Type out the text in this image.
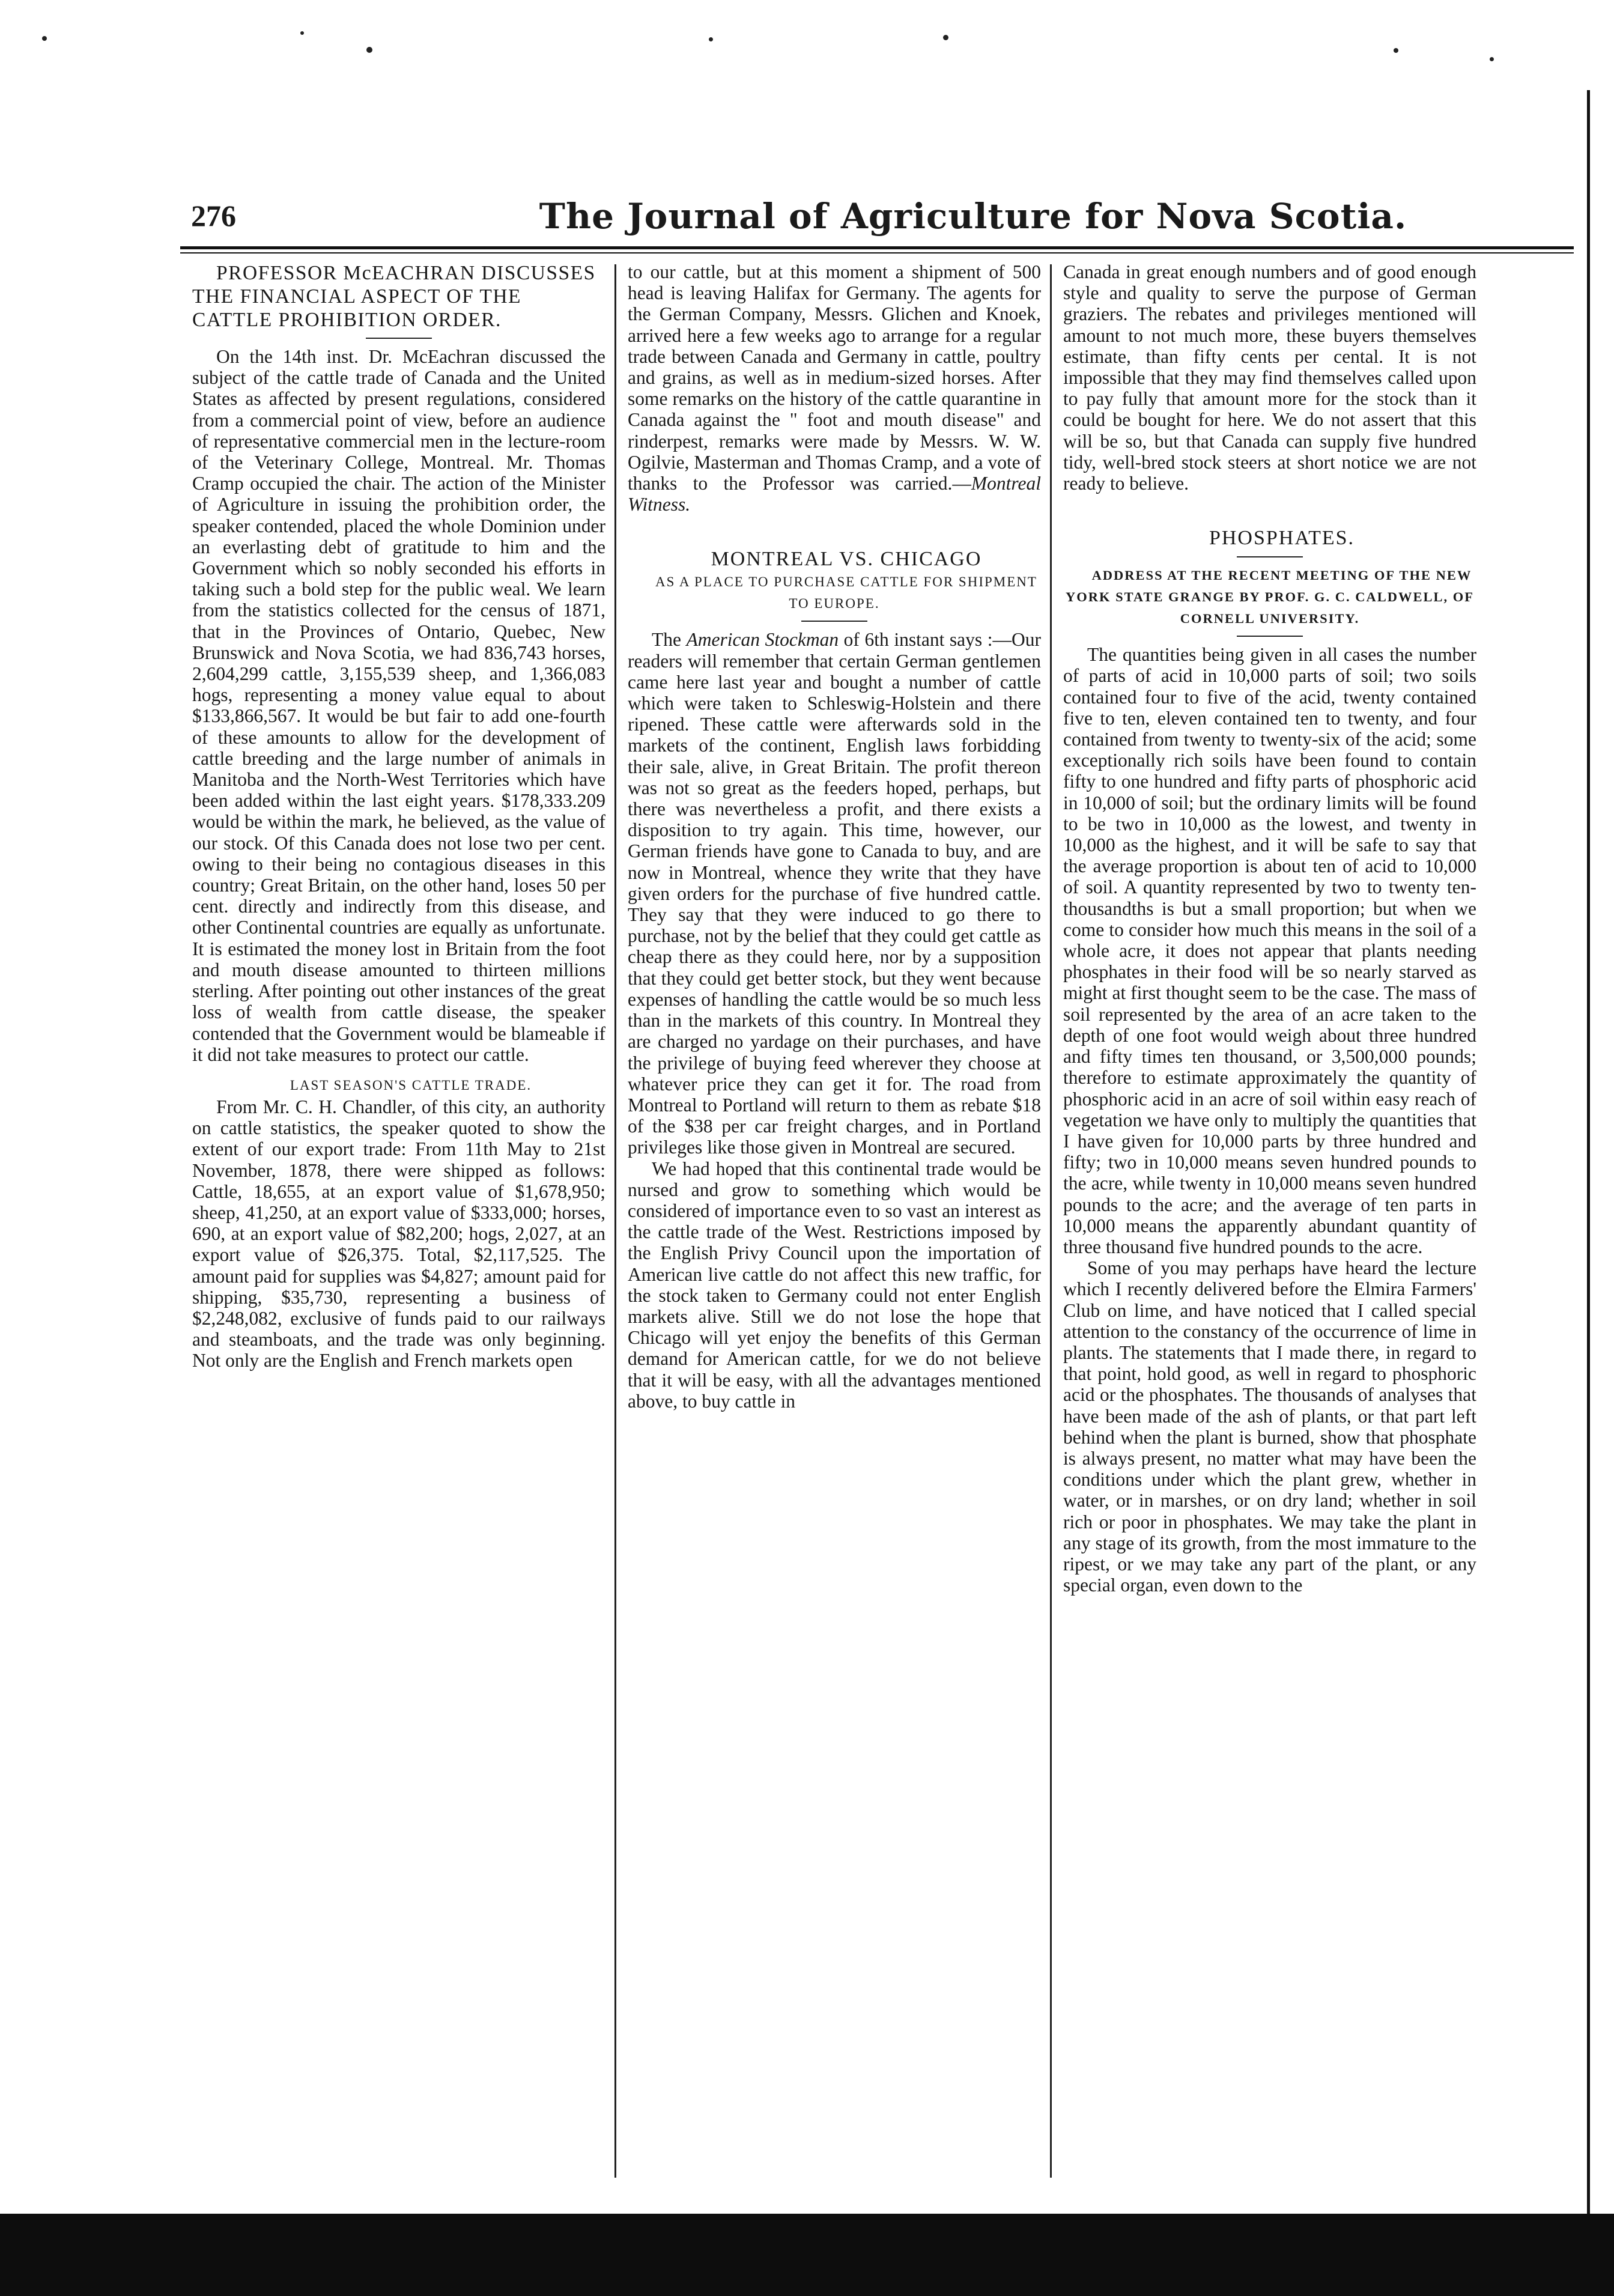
276	The Journal of Agriculture for Nova Scotia.

PROFESSOR McEACHRAN DISCUSSES THE FINANCIAL ASPECT OF THE CATTLE PROHIBITION ORDER.

On the 14th inst. Dr. McEachran discussed the subject of the cattle trade of Canada and the United States as affected by present regulations, considered from a commercial point of view, before an audience of representative commercial men in the lecture-room of the Veterinary College, Montreal. Mr. Thomas Cramp occupied the chair. The action of the Minister of Agriculture in issuing the prohibition order, the speaker contended, placed the whole Dominion under an everlasting debt of gratitude to him and the Government which so nobly seconded his efforts in taking such a bold step for the public weal. We learn from the statistics collected for the census of 1871, that in the Provinces of Ontario, Quebec, New Brunswick and Nova Scotia, we had 836,743 horses, 2,604,299 cattle, 3,155,539 sheep, and 1,366,083 hogs, representing a money value equal to about $133,866,567. It would be but fair to add one-fourth of these amounts to allow for the development of cattle breeding and the large number of animals in Manitoba and the North-West Territories which have been added within the last eight years. $178,333.209 would be within the mark, he believed, as the value of our stock. Of this Canada does not lose two per cent. owing to their being no contagious diseases in this country; Great Britain, on the other hand, loses 50 per cent. directly and indirectly from this disease, and other Continental countries are equally as unfortunate. It is estimated the money lost in Britain from the foot and mouth disease amounted to thirteen millions sterling. After pointing out other instances of the great loss of wealth from cattle disease, the speaker contended that the Government would be blameable if it did not take measures to protect our cattle.

LAST SEASON'S CATTLE TRADE.

From Mr. C. H. Chandler, of this city, an authority on cattle statistics, the speaker quoted to show the extent of our export trade: From 11th May to 21st November, 1878, there were shipped as follows: Cattle, 18,655, at an export value of $1,678,950; sheep, 41,250, at an export value of $333,000; horses, 690, at an export value of $82,200; hogs, 2,027, at an export value of $26,375. Total, $2,117,525. The amount paid for supplies was $4,827; amount paid for shipping, $35,730, representing a business of $2,248,082, exclusive of funds paid to our railways and steamboats, and the trade was only beginning. Not only are the English and French markets open

to our cattle, but at this moment a shipment of 500 head is leaving Halifax for Germany. The agents for the German Company, Messrs. Glichen and Knoek, arrived here a few weeks ago to arrange for a regular trade between Canada and Germany in cattle, poultry and grains, as well as in medium-sized horses. After some remarks on the history of the cattle quarantine in Canada against the " foot and mouth disease" and rinderpest, remarks were made by Messrs. W. W. Ogilvie, Masterman and Thomas Cramp, and a vote of thanks to the Professor was carried.—Montreal Witness.

MONTREAL VS. CHICAGO

AS A PLACE TO PURCHASE CATTLE FOR SHIPMENT TO EUROPE.

The American Stockman of 6th instant says :—Our readers will remember that certain German gentlemen came here last year and bought a number of cattle which were taken to Schleswig-Holstein and there ripened. These cattle were afterwards sold in the markets of the continent, English laws forbidding their sale, alive, in Great Britain. The profit thereon was not so great as the feeders hoped, perhaps, but there was nevertheless a profit, and there exists a disposition to try again. This time, however, our German friends have gone to Canada to buy, and are now in Montreal, whence they write that they have given orders for the purchase of five hundred cattle. They say that they were induced to go there to purchase, not by the belief that they could get cattle as cheap there as they could here, nor by a supposition that they could get better stock, but they went because expenses of handling the cattle would be so much less than in the markets of this country. In Montreal they are charged no yardage on their purchases, and have the privilege of buying feed wherever they choose at whatever price they can get it for. The road from Montreal to Portland will return to them as rebate $18 of the $38 per car freight charges, and in Portland privileges like those given in Montreal are secured.

We had hoped that this continental trade would be nursed and grow to something which would be considered of importance even to so vast an interest as the cattle trade of the West. Restrictions imposed by the English Privy Council upon the importation of American live cattle do not affect this new traffic, for the stock taken to Germany could not enter English markets alive. Still we do not lose the hope that Chicago will yet enjoy the benefits of this German demand for American cattle, for we do not believe that it will be easy, with all the advantages mentioned above, to buy cattle in

Canada in great enough numbers and of good enough style and quality to serve the purpose of German graziers. The rebates and privileges mentioned will amount to not much more, these buyers themselves estimate, than fifty cents per cental. It is not impossible that they may find themselves called upon to pay fully that amount more for the stock than it could be bought for here. We do not assert that this will be so, but that Canada can supply five hundred tidy, well-bred stock steers at short notice we are not ready to believe.

PHOSPHATES.

ADDRESS AT THE RECENT MEETING OF THE NEW YORK STATE GRANGE BY PROF. G. C. CALDWELL, OF CORNELL UNIVERSITY.

The quantities being given in all cases the number of parts of acid in 10,000 parts of soil; two soils contained four to five of the acid, twenty contained five to ten, eleven contained ten to twenty, and four contained from twenty to twenty-six of the acid; some exceptionally rich soils have been found to contain fifty to one hundred and fifty parts of phosphoric acid in 10,000 of soil; but the ordinary limits will be found to be two in 10,000 as the lowest, and twenty in 10,000 as the highest, and it will be safe to say that the average proportion is about ten of acid to 10,000 of soil. A quantity represented by two to twenty ten-thousandths is but a small proportion; but when we come to consider how much this means in the soil of a whole acre, it does not appear that plants needing phosphates in their food will be so nearly starved as might at first thought seem to be the case. The mass of soil represented by the area of an acre taken to the depth of one foot would weigh about three hundred and fifty times ten thousand, or 3,500,000 pounds; therefore to estimate approximately the quantity of phosphoric acid in an acre of soil within easy reach of vegetation we have only to multiply the quantities that I have given for 10,000 parts by three hundred and fifty; two in 10,000 means seven hundred pounds to the acre, while twenty in 10,000 means seven hundred pounds to the acre; and the average of ten parts in 10,000 means the apparently abundant quantity of three thousand five hundred pounds to the acre.

Some of you may perhaps have heard the lecture which I recently delivered before the Elmira Farmers' Club on lime, and have noticed that I called special attention to the constancy of the occurrence of lime in plants. The statements that I made there, in regard to that point, hold good, as well in regard to phosphoric acid or the phosphates. The thousands of analyses that have been made of the ash of plants, or that part left behind when the plant is burned, show that phosphate is always present, no matter what may have been the conditions under which the plant grew, whether in water, or in marshes, or on dry land; whether in soil rich or poor in phosphates. We may take the plant in any stage of its growth, from the most immature to the ripest, or we may take any part of the plant, or any special organ, even down to the
